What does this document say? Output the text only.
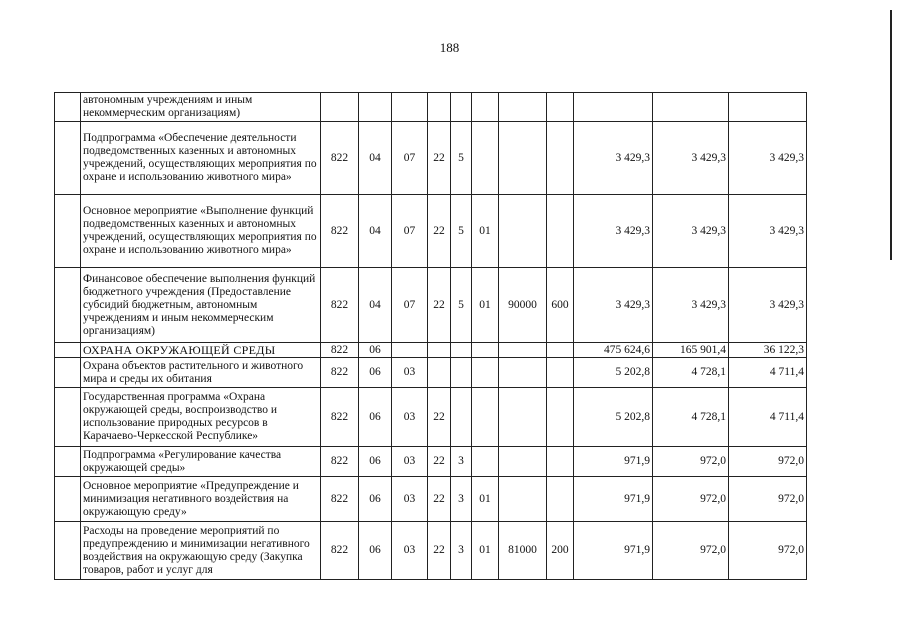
188
	автономным учреждениям и иным некоммерческим организациям)											
	Подпрограмма «Обеспечение деятельности подведомственных казенных и автономных учреждений, осуществляющих мероприятия по охране и использованию животного мира»	822	04	07	22	5				3 429,3	3 429,3	3 429,3
	Основное мероприятие «Выполнение функций подведомственных казенных и автономных учреждений, осуществляющих мероприятия по охране и использованию животного мира»	822	04	07	22	5	01			3 429,3	3 429,3	3 429,3
	Финансовое обеспечение выполнения функций бюджетного учреждения (Предоставление субсидий бюджетным, автономным учреждениям и иным некоммерческим организациям)	822	04	07	22	5	01	90000	600	3 429,3	3 429,3	3 429,3
	ОХРАНА ОКРУЖАЮЩЕЙ СРЕДЫ	822	06							475 624,6	165 901,4	36 122,3
	Охрана объектов растительного и животного мира и среды их обитания	822	06	03						5 202,8	4 728,1	4 711,4
	Государственная программа «Охрана окружающей среды, воспроизводство и использование природных ресурсов в Карачаево-Черкесской Республике»	822	06	03	22					5 202,8	4 728,1	4 711,4
	Подпрограмма «Регулирование качества окружающей среды»	822	06	03	22	3				971,9	972,0	972,0
	Основное мероприятие «Предупреждение и минимизация негативного воздействия на окружающую среду»	822	06	03	22	3	01			971,9	972,0	972,0
	Расходы на проведение мероприятий по предупреждению и минимизации негативного воздействия на окружающую среду (Закупка товаров, работ и услуг для	822	06	03	22	3	01	81000	200	971,9	972,0	972,0
